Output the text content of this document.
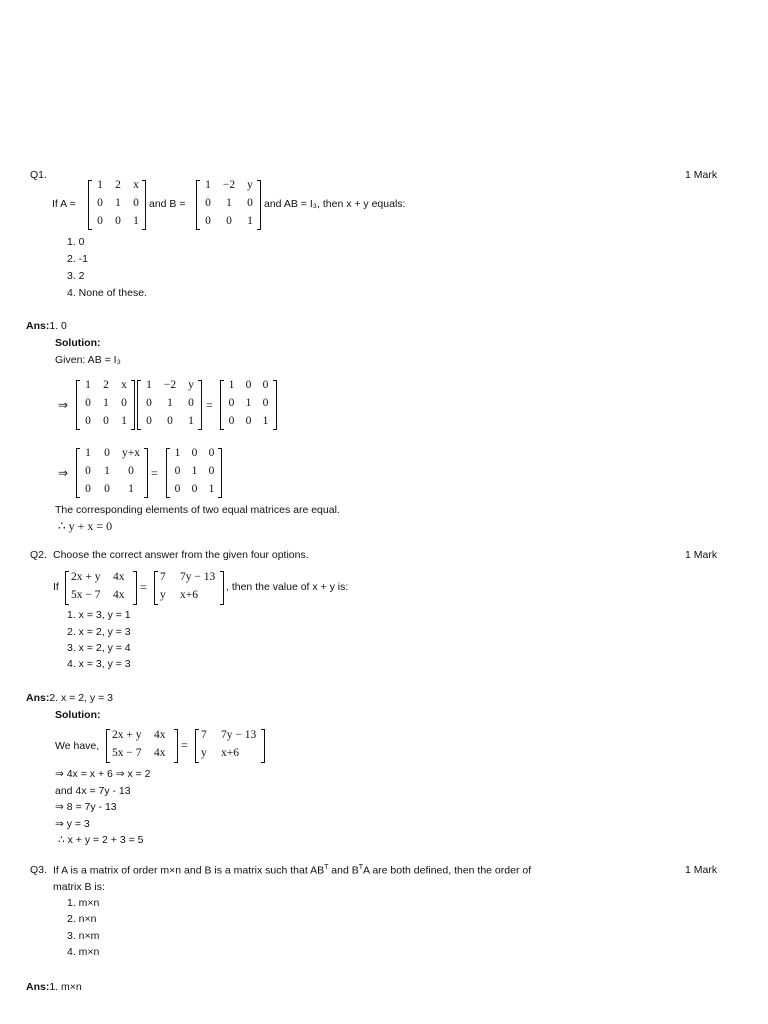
Q1.	1 Mark
If A =
1	2	x
0	1	0
0	0	1
and B =
1	−2	y
0	1	0
0	0	1
and AB = I₃, then x + y equals:
1. 0
2. -1
3. 2
4. None of these.
Ans:1. 0
Solution:
Given: AB = I₃
⇒
1	2	x
0	1	0
0	0	1
1	−2	y
0	1	0
0	0	1
=
1 0 0
0 1 0
0 0 1
⇒
1	0	y+x
0	1	0
0	0	1
=
1 0 0
0 1 0
0 0 1
The corresponding elements of two equal matrices are equal.
∴ y + x = 0
Q2. Choose the correct answer from the given four options.	1 Mark
If
2x + y	4x
5x − 7	4x
=
7	7y − 13
y	x+6
, then the value of x + y is:
1. x = 3, y = 1
2. x = 2, y = 3
3. x = 2, y = 4
4. x = 3, y = 3
Ans:2. x = 2, y = 3
Solution:
We have,
2x + y	4x
5x − 7	4x
=
7	7y − 13
y	x+6
⇒ 4x = x + 6 ⇒ x = 2
and 4x = 7y - 13
⇒ 8 = 7y - 13
⇒ y = 3
∴ x + y = 2 + 3 = 5
Q3. If A is a matrix of order m×n and B is a matrix such that $AB^T$ and $B^TA$ are both defined, then the order of	1 Mark
matrix B is:
1. m×n
2. n×n
3. n×m
4. m×n
Ans:1. m×n
